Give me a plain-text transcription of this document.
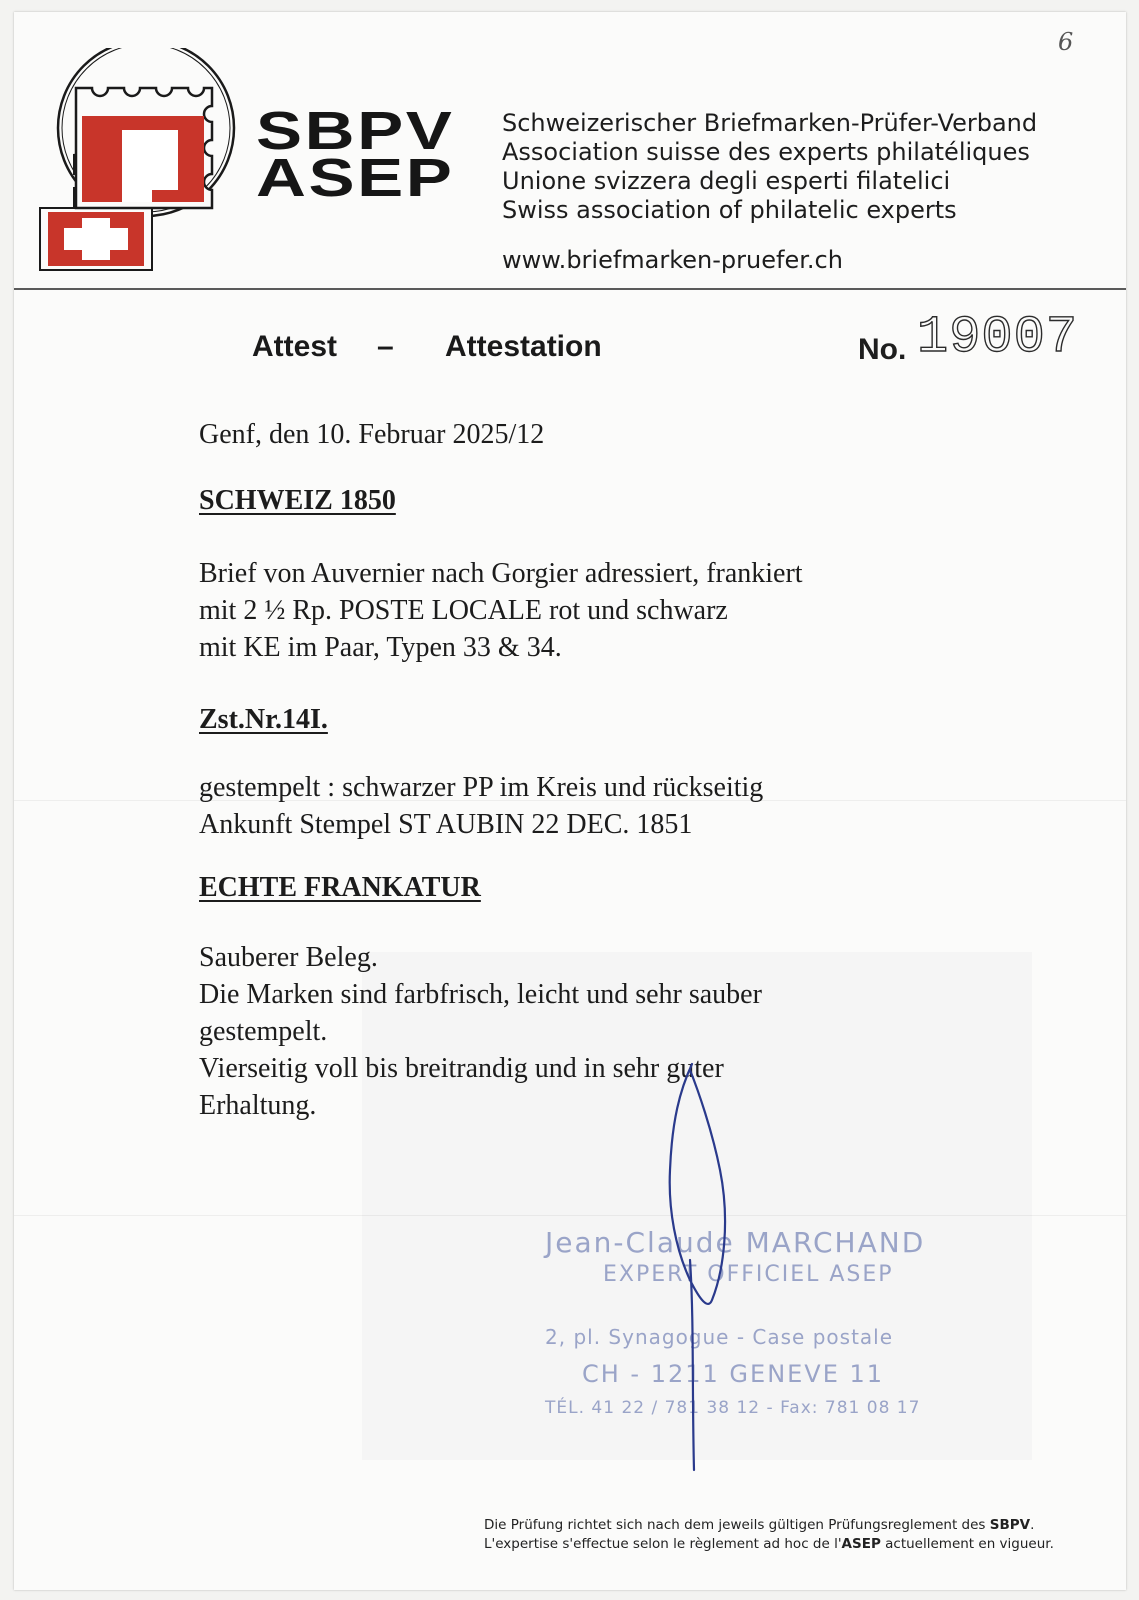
6
SBPV
ASEP
Schweizerischer Briefmarken-Prüfer-Verband
Association suisse des experts philatéliques
Unione svizzera degli esperti filatelici
Swiss association of philatelic experts
www.briefmarken-pruefer.ch
Attest – Attestation	No. 19007
Genf, den 10. Februar 2025/12
SCHWEIZ 1850
Brief von Auvernier nach Gorgier adressiert, frankiert
mit 2 ½ Rp. POSTE LOCALE rot und schwarz
mit KE im Paar, Typen 33 & 34.
Zst.Nr.14I.
gestempelt : schwarzer PP im Kreis und rückseitig
Ankunft Stempel ST AUBIN 22 DEC. 1851
ECHTE FRANKATUR
Sauberer Beleg.
Die Marken sind farbfrisch, leicht und sehr sauber
gestempelt.
Vierseitig voll bis breitrandig und in sehr guter
Erhaltung.
Jean-Claude MARCHAND
EXPERT OFFICIEL ASEP
2, pl. Synagogue - Case postale
CH - 1211 GENEVE 11
TÉL. 41 22 / 781 38 12 - Fax: 781 08 17
Die Prüfung richtet sich nach dem jeweils gültigen Prüfungsreglement des SBPV.
L'expertise s'effectue selon le règlement ad hoc de l'ASEP actuellement en vigueur.
